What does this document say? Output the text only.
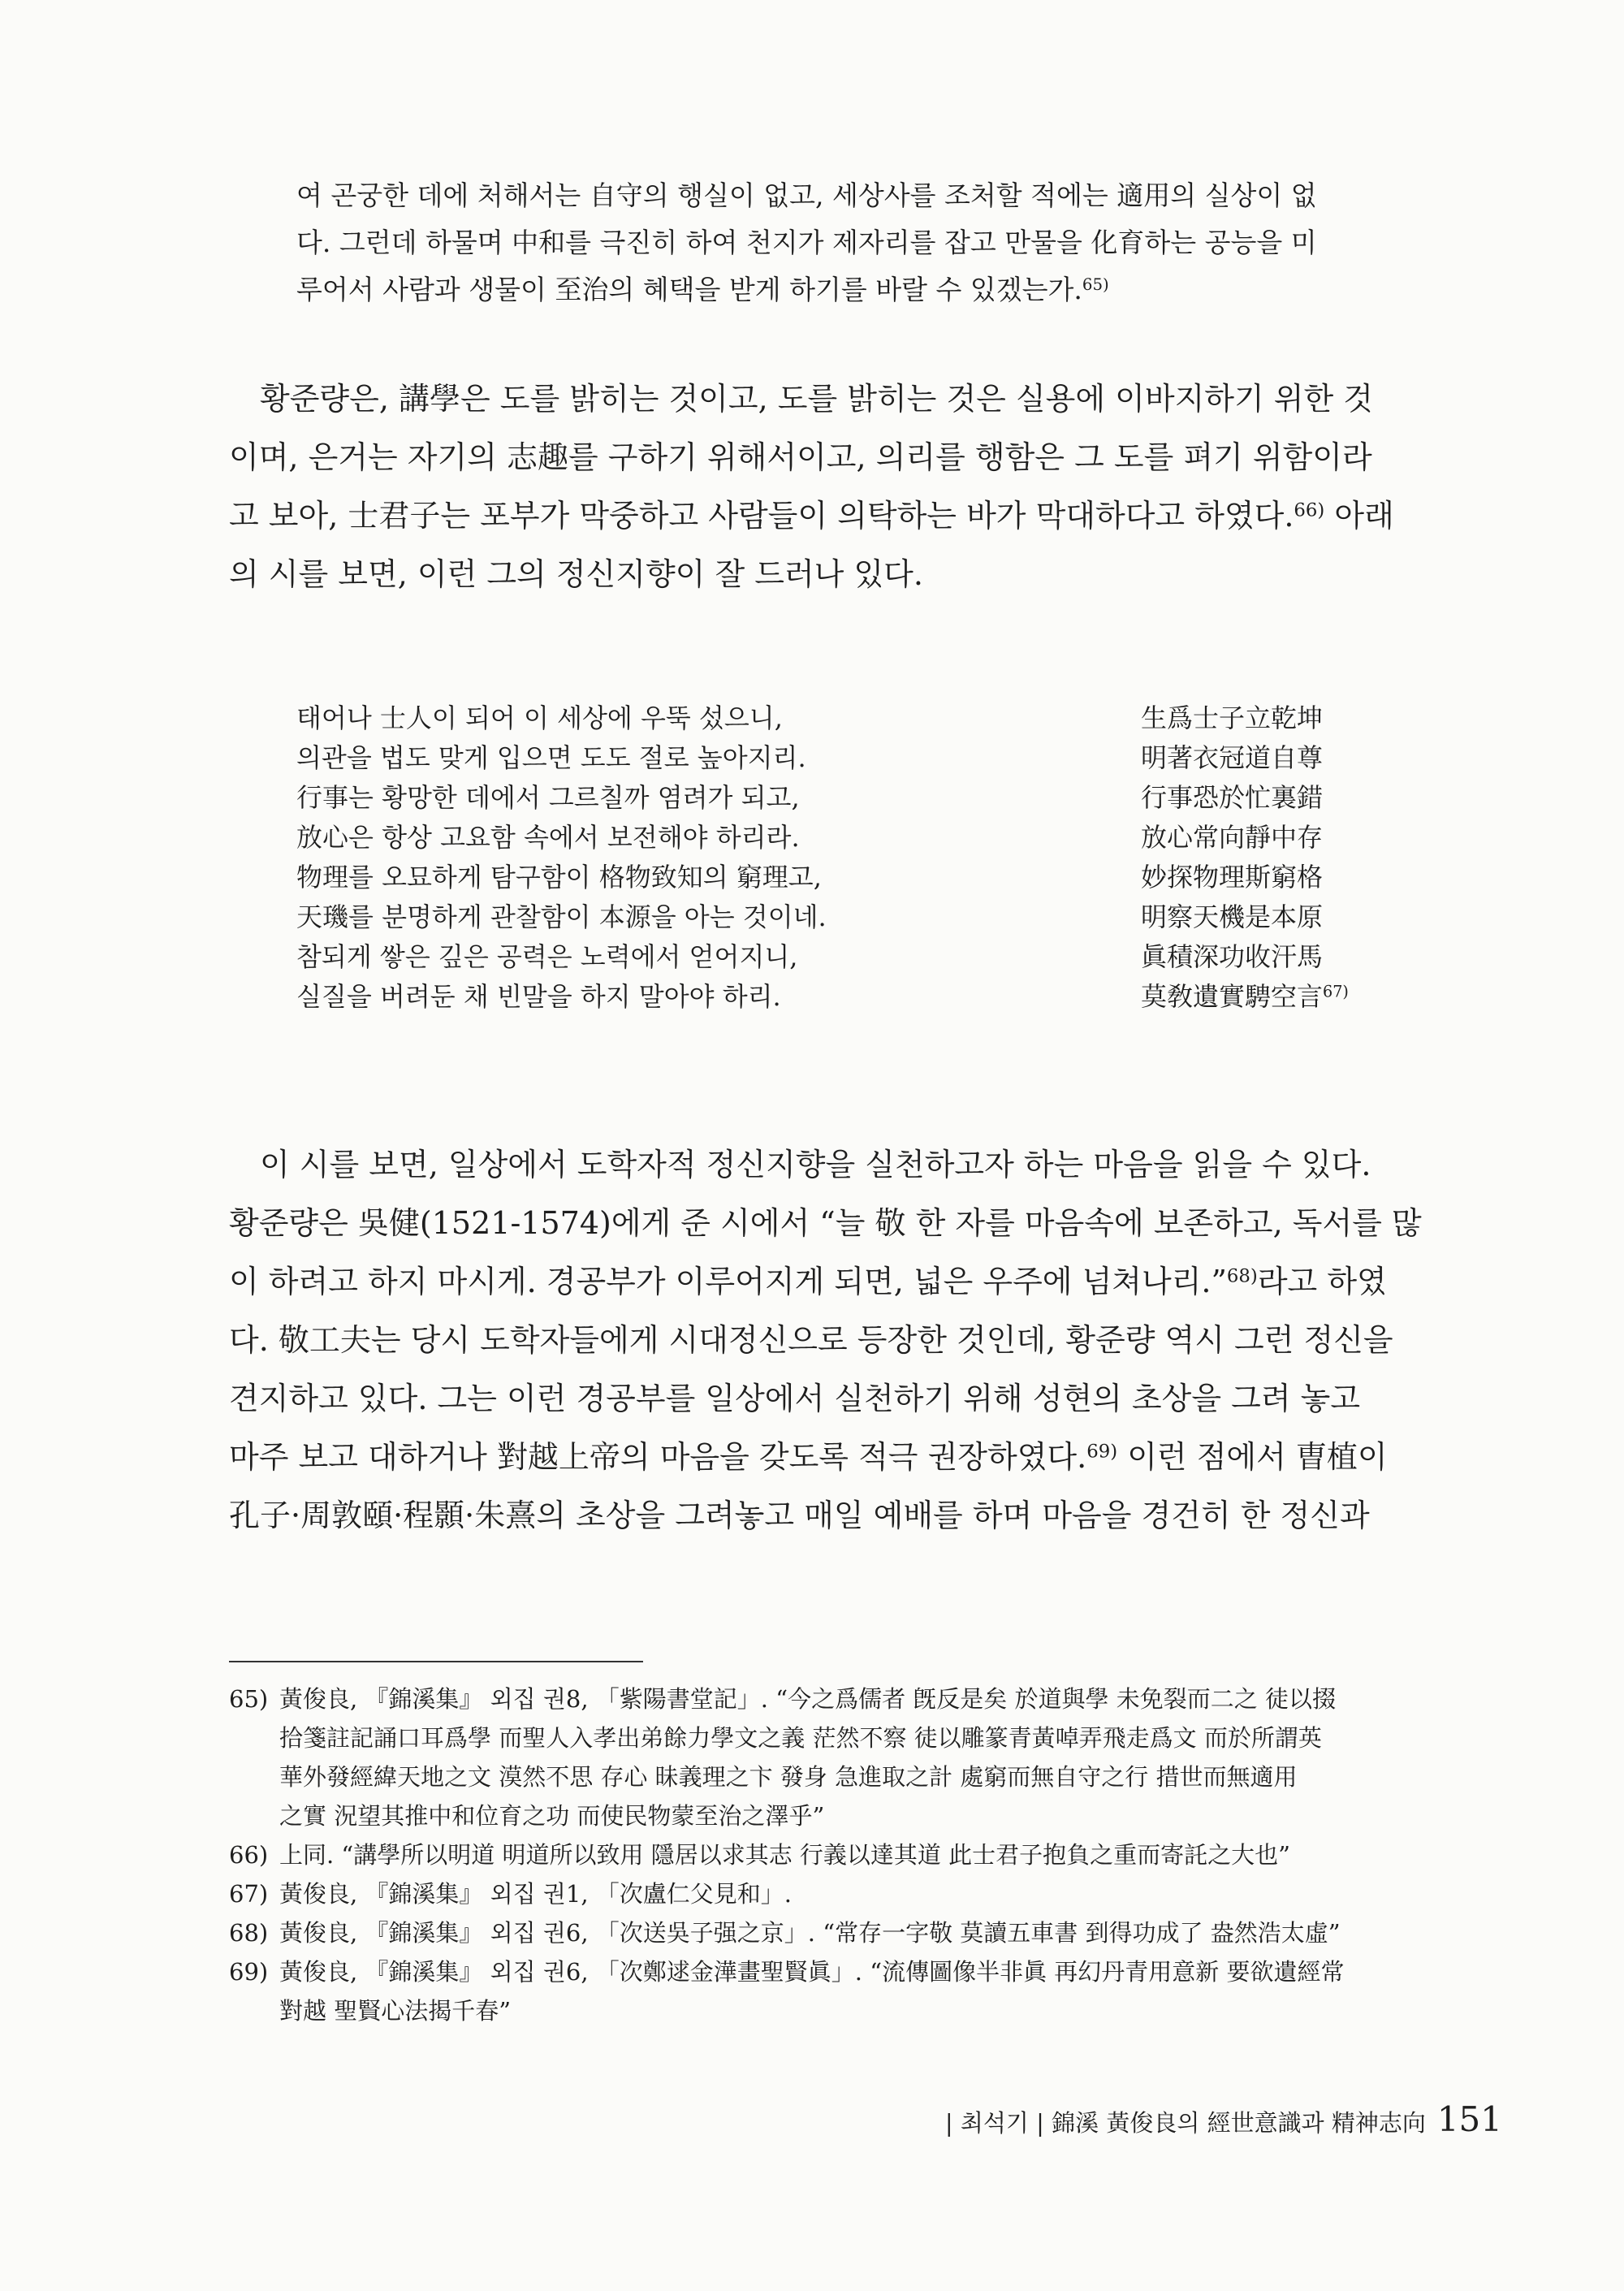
여 곤궁한 데에 처해서는 自守의 행실이 없고, 세상사를 조처할 적에는 適用의 실상이 없

다. 그런데 하물며 中和를 극진히 하여 천지가 제자리를 잡고 만물을 化育하는 공능을 미

루어서 사람과 생물이 至治의 혜택을 받게 하기를 바랄 수 있겠는가.$^{65)}$

황준량은, 講學은 도를 밝히는 것이고, 도를 밝히는 것은 실용에 이바지하기 위한 것

이며, 은거는 자기의 志趣를 구하기 위해서이고, 의리를 행함은 그 도를 펴기 위함이라

고 보아, 士君子는 포부가 막중하고 사람들이 의탁하는 바가 막대하다고 하였다.$^{66)}$ 아래

의 시를 보면, 이런 그의 정신지향이 잘 드러나 있다.

태어나 士人이 되어 이 세상에 우뚝 섰으니,	生爲士子立乾坤
의관을 법도 맞게 입으면 도도 절로 높아지리.	明著衣冠道自尊
行事는 황망한 데에서 그르칠까 염려가 되고,	行事恐於忙裏錯
放心은 항상 고요함 속에서 보전해야 하리라.	放心常向靜中存
物理를 오묘하게 탐구함이 格物致知의 窮理고,	妙探物理斯窮格
天璣를 분명하게 관찰함이 本源을 아는 것이네.	明察天機是本原
참되게 쌓은 깊은 공력은 노력에서 얻어지니,	眞積深功收汗馬
실질을 버려둔 채 빈말을 하지 말아야 하리.	莫敎遺實騁空言$^{67)}$

이 시를 보면, 일상에서 도학자적 정신지향을 실천하고자 하는 마음을 읽을 수 있다.

황준량은 吳健(1521-1574)에게 준 시에서 “늘 敬 한 자를 마음속에 보존하고, 독서를 많

이 하려고 하지 마시게. 경공부가 이루어지게 되면, 넓은 우주에 넘쳐나리.”$^{68)}$라고 하였

다. 敬工夫는 당시 도학자들에게 시대정신으로 등장한 것인데, 황준량 역시 그런 정신을

견지하고 있다. 그는 이런 경공부를 일상에서 실천하기 위해 성현의 초상을 그려 놓고

마주 보고 대하거나 對越上帝의 마음을 갖도록 적극 권장하였다.$^{69)}$ 이런 점에서 曺植이

孔子·周敦頤·程顥·朱熹의 초상을 그려놓고 매일 예배를 하며 마음을 경건히 한 정신과

65) 黃俊良, 『錦溪集』 외집 권8, 「紫陽書堂記」. “今之爲儒者 旣反是矣 於道與學 未免裂而二之 徒以掇
拾箋註記誦口耳爲學 而聖人入孝出弟餘力學文之義 茫然不察 徒以雕篆青黃啅弄飛走爲文 而於所謂英
華外發經緯天地之文 漠然不思 存心 昧義理之卞 發身 急進取之計 處窮而無自守之行 措世而無適用
之實 況望其推中和位育之功 而使民物蒙至治之澤乎”
66) 上同. “講學所以明道 明道所以致用 隱居以求其志 行義以達其道 此士君子抱負之重而寄託之大也”
67) 黃俊良, 『錦溪集』 외집 권1, 「次盧仁父見和」.
68) 黃俊良, 『錦溪集』 외집 권6, 「次送吳子强之京」. “常存一字敬 莫讀五車書 到得功成了 盎然浩太虛”
69) 黃俊良, 『錦溪集』 외집 권6, 「次鄭逑金澕畫聖賢眞」. “流傳圖像半非眞 再幻丹青用意新 要欲遺經常
對越 聖賢心法揭千春”
| 최석기 | 錦溪 黃俊良의 經世意識과 精神志向 151
